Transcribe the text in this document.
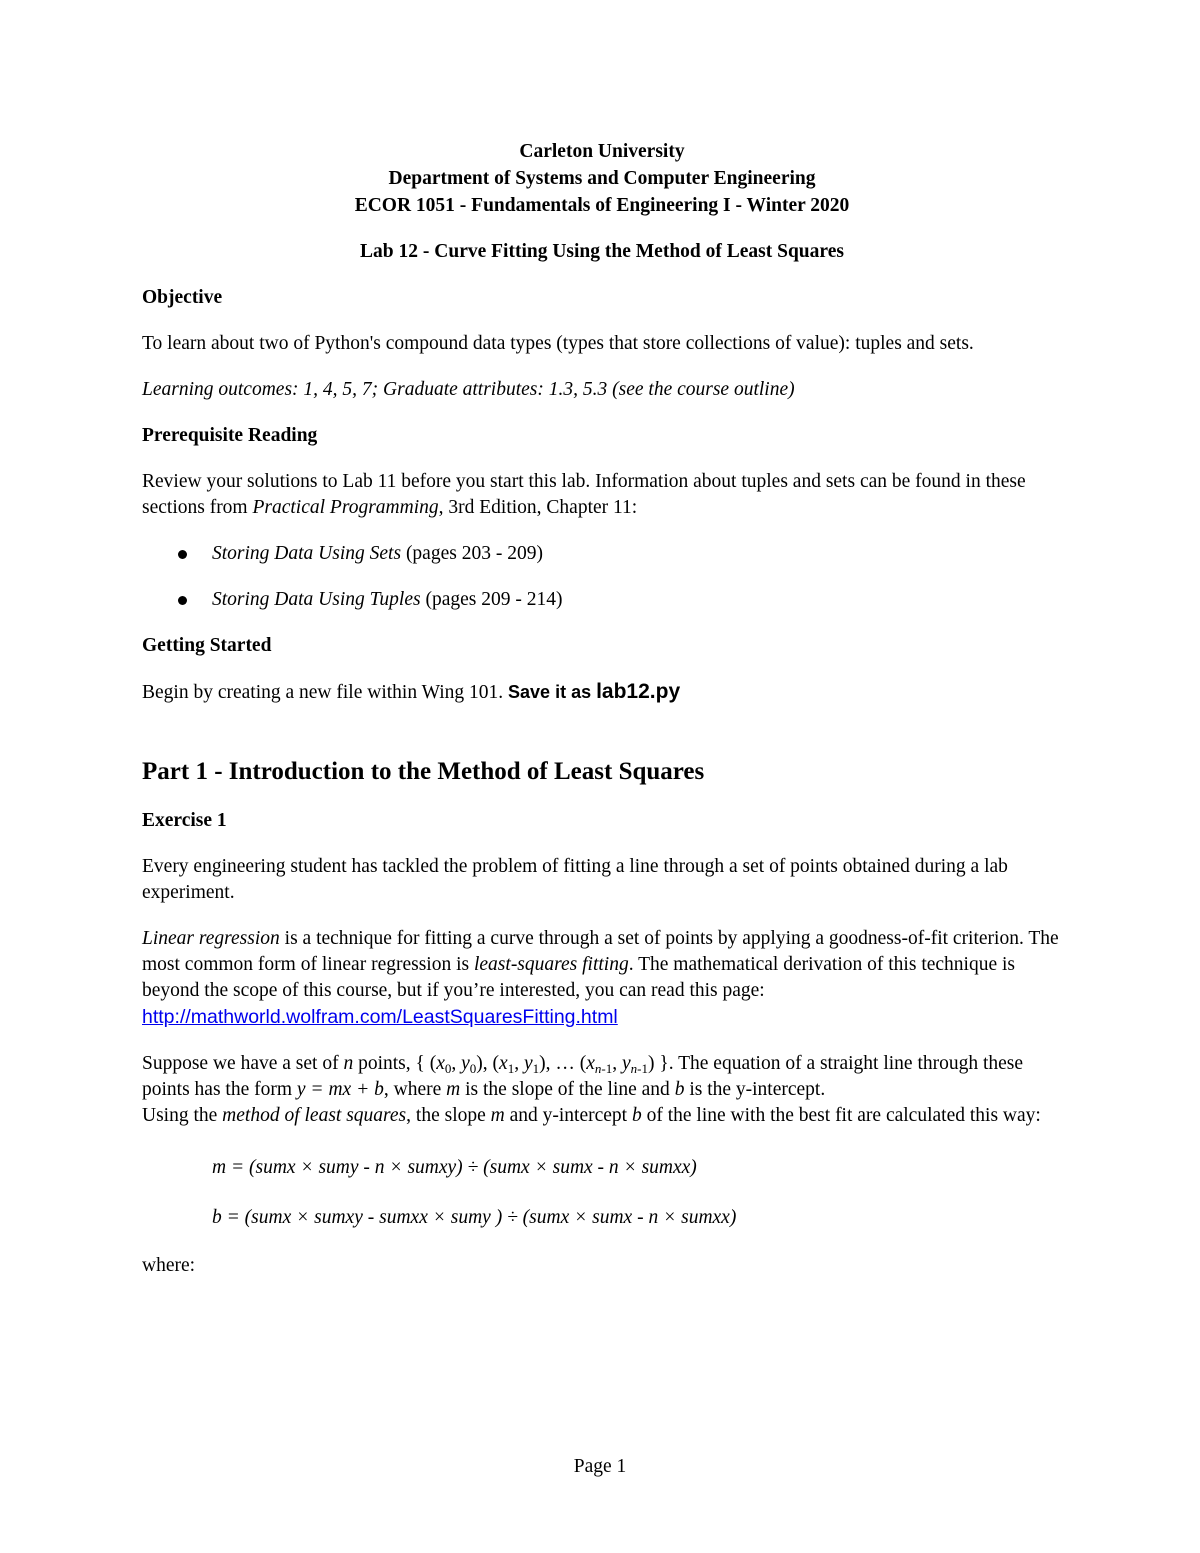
Carleton University
Department of Systems and Computer Engineering
ECOR 1051 - Fundamentals of Engineering I - Winter 2020
Lab 12 - Curve Fitting Using the Method of Least Squares
Objective
To learn about two of Python's compound data types (types that store collections of value): tuples and sets.
Learning outcomes: 1, 4, 5, 7; Graduate attributes: 1.3, 5.3 (see the course outline)
Prerequisite Reading
Review your solutions to Lab 11 before you start this lab. Information about tuples and sets can be found in these sections from Practical Programming, 3rd Edition, Chapter 11:
Storing Data Using Sets (pages 203 - 209)
Storing Data Using Tuples (pages 209 - 214)
Getting Started
Begin by creating a new file within Wing 101. Save it as lab12.py
Part 1 - Introduction to the Method of Least Squares
Exercise 1
Every engineering student has tackled the problem of fitting a line through a set of points obtained during a lab experiment.
Linear regression is a technique for fitting a curve through a set of points by applying a goodness-of-fit criterion. The most common form of linear regression is least-squares fitting. The mathematical derivation of this technique is beyond the scope of this course, but if you’re interested, you can read this page: http://mathworld.wolfram.com/LeastSquaresFitting.html
Suppose we have a set of n points, { ($x_0$, $y_0$), ($x_1$, $y_1$), … ($x_{n-1}$, $y_{n-1}$) }. The equation of a straight line through these points has the form y = mx + b, where m is the slope of the line and b is the y-intercept.
Using the method of least squares, the slope m and y-intercept b of the line with the best fit are calculated this way:
m = (sumx × sumy - n × sumxy) ÷ (sumx × sumx - n × sumxx)
b = (sumx × sumxy - sumxx × sumy ) ÷ (sumx × sumx - n × sumxx)
where:
Page 1
